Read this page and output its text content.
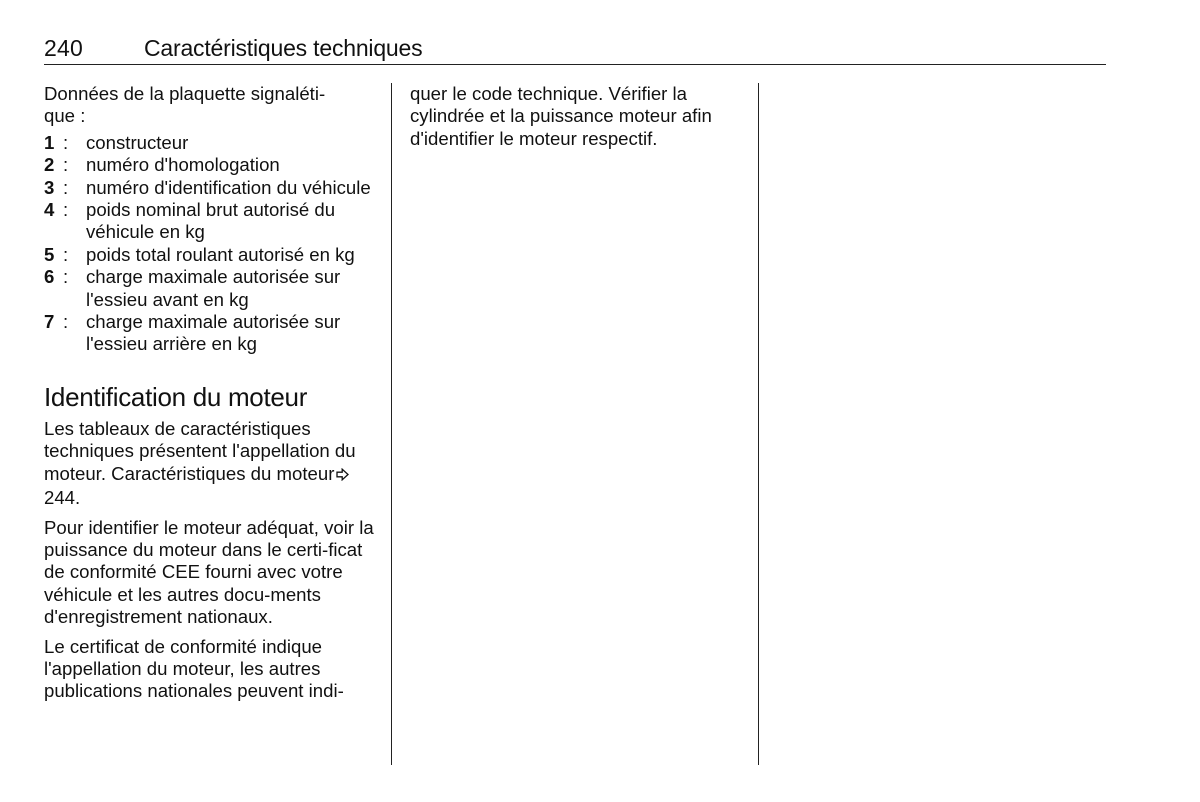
240	Caractéristiques techniques

Données de la plaquette signaléti-
que :

1 : constructeur
2 : numéro d'homologation
3 : numéro d'identification du véhicule
4 : poids nominal brut autorisé du véhicule en kg
5 : poids total roulant autorisé en kg
6 : charge maximale autorisée sur l'essieu avant en kg
7 : charge maximale autorisée sur l'essieu arrière en kg
Identification du moteur

Les tableaux de caractéristiques techniques présentent l'appellation du moteur. Caractéristiques du moteur244.

Pour identifier le moteur adéquat, voir la puissance du moteur dans le certi-ficat de conformité CEE fourni avec votre véhicule et les autres docu-ments d'enregistrement nationaux.

Le certificat de conformité indique l'appellation du moteur, les autres publications nationales peuvent indi-

quer le code technique. Vérifier la cylindrée et la puissance moteur afin d'identifier le moteur respectif.
